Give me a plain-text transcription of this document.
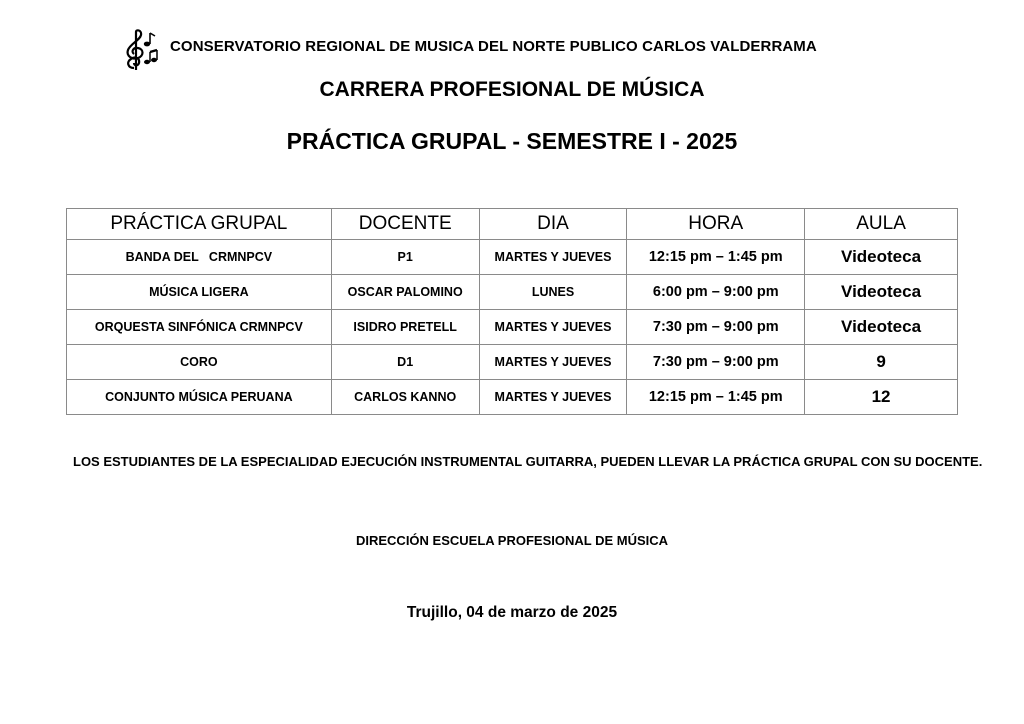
CONSERVATORIO REGIONAL DE MUSICA DEL NORTE PUBLICO CARLOS VALDERRAMA
CARRERA PROFESIONAL DE MÚSICA
PRÁCTICA GRUPAL - SEMESTRE I - 2025
PRÁCTICA GRUPAL	DOCENTE	DIA	HORA	AULA
BANDA DEL   CRMNPCV	P1	MARTES Y JUEVES	12:15 pm – 1:45 pm	Videoteca
MÚSICA LIGERA	OSCAR PALOMINO	LUNES	6:00 pm – 9:00 pm	Videoteca
ORQUESTA SINFÓNICA CRMNPCV	ISIDRO PRETELL	MARTES Y JUEVES	7:30 pm – 9:00 pm	Videoteca
CORO	D1	MARTES Y JUEVES	7:30 pm – 9:00 pm	9
CONJUNTO MÚSICA PERUANA	CARLOS KANNO	MARTES Y JUEVES	12:15 pm – 1:45 pm	12
LOS ESTUDIANTES DE LA ESPECIALIDAD EJECUCIÓN INSTRUMENTAL GUITARRA, PUEDEN LLEVAR LA PRÁCTICA GRUPAL CON SU DOCENTE.
DIRECCIÓN ESCUELA PROFESIONAL DE MÚSICA
Trujillo, 04 de marzo de 2025
